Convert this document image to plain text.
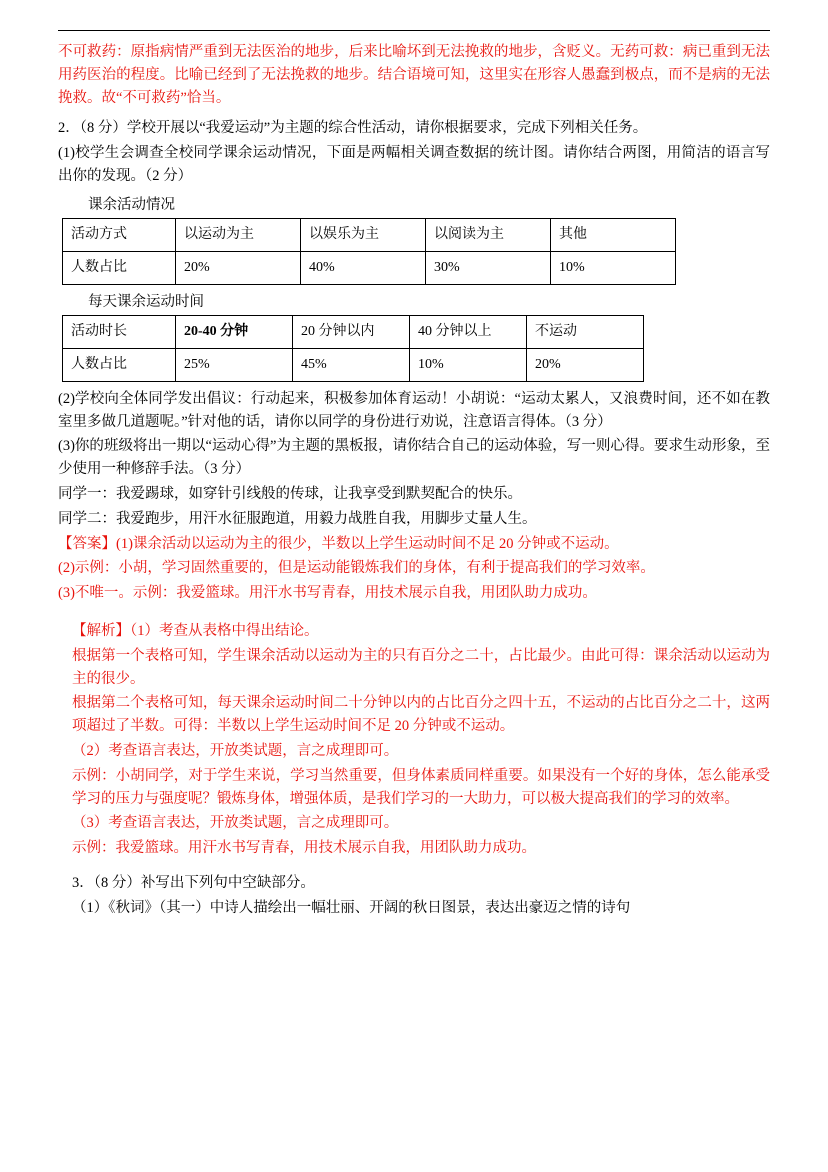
不可救药：原指病情严重到无法医治的地步，后来比喻坏到无法挽救的地步，含贬义。无药可救：病已重到无法用药医治的程度。比喻已经到了无法挽救的地步。结合语境可知，这里实在形容人愚蠢到极点，而不是病的无法挽救。故“不可救药”恰当。

2．（8 分）学校开展以“我爱运动”为主题的综合性活动，请你根据要求，完成下列相关任务。

(1)校学生会调查全校同学课余运动情况，下面是两幅相关调查数据的统计图。请你结合两图，用简洁的语言写出你的发现。（2 分）

课余活动情况
活动方式	以运动为主	以娱乐为主	以阅读为主	其他
人数占比	20%	40%	30%	10%
每天课余运动时间
活动时长	20-40 分钟	20 分钟以内	40 分钟以上	不运动
人数占比	25%	45%	10%	20%

(2)学校向全体同学发出倡议：行动起来，积极参加体育运动！小胡说：“运动太累人，又浪费时间，还不如在教室里多做几道题呢。”针对他的话，请你以同学的身份进行劝说，注意语言得体。（3 分）

(3)你的班级将出一期以“运动心得”为主题的黑板报，请你结合自己的运动体验，写一则心得。要求生动形象，至少使用一种修辞手法。（3 分）

同学一：我爱踢球，如穿针引线般的传球，让我享受到默契配合的快乐。

同学二：我爱跑步，用汗水征服跑道，用毅力战胜自我，用脚步丈量人生。

【答案】(1)课余活动以运动为主的很少，半数以上学生运动时间不足 20 分钟或不运动。

(2)示例：小胡，学习固然重要的，但是运动能锻炼我们的身体，有利于提高我们的学习效率。

(3)不唯一。示例：我爱篮球。用汗水书写青春，用技术展示自我，用团队助力成功。

【解析】（1）考查从表格中得出结论。

根据第一个表格可知，学生课余活动以运动为主的只有百分之二十，占比最少。由此可得：课余活动以运动为主的很少。

根据第二个表格可知，每天课余运动时间二十分钟以内的占比百分之四十五，不运动的占比百分之二十，这两项超过了半数。可得：半数以上学生运动时间不足 20 分钟或不运动。

（2）考查语言表达，开放类试题，言之成理即可。

示例：小胡同学，对于学生来说，学习当然重要，但身体素质同样重要。如果没有一个好的身体，怎么能承受学习的压力与强度呢？锻炼身体，增强体质，是我们学习的一大助力，可以极大提高我们的学习的效率。

（3）考查语言表达，开放类试题，言之成理即可。

示例：我爱篮球。用汗水书写青春，用技术展示自我，用团队助力成功。

3．（8 分）补写出下列句中空缺部分。

（1）《秋词》（其一）中诗人描绘出一幅壮丽、开阔的秋日图景，表达出豪迈之情的诗句
